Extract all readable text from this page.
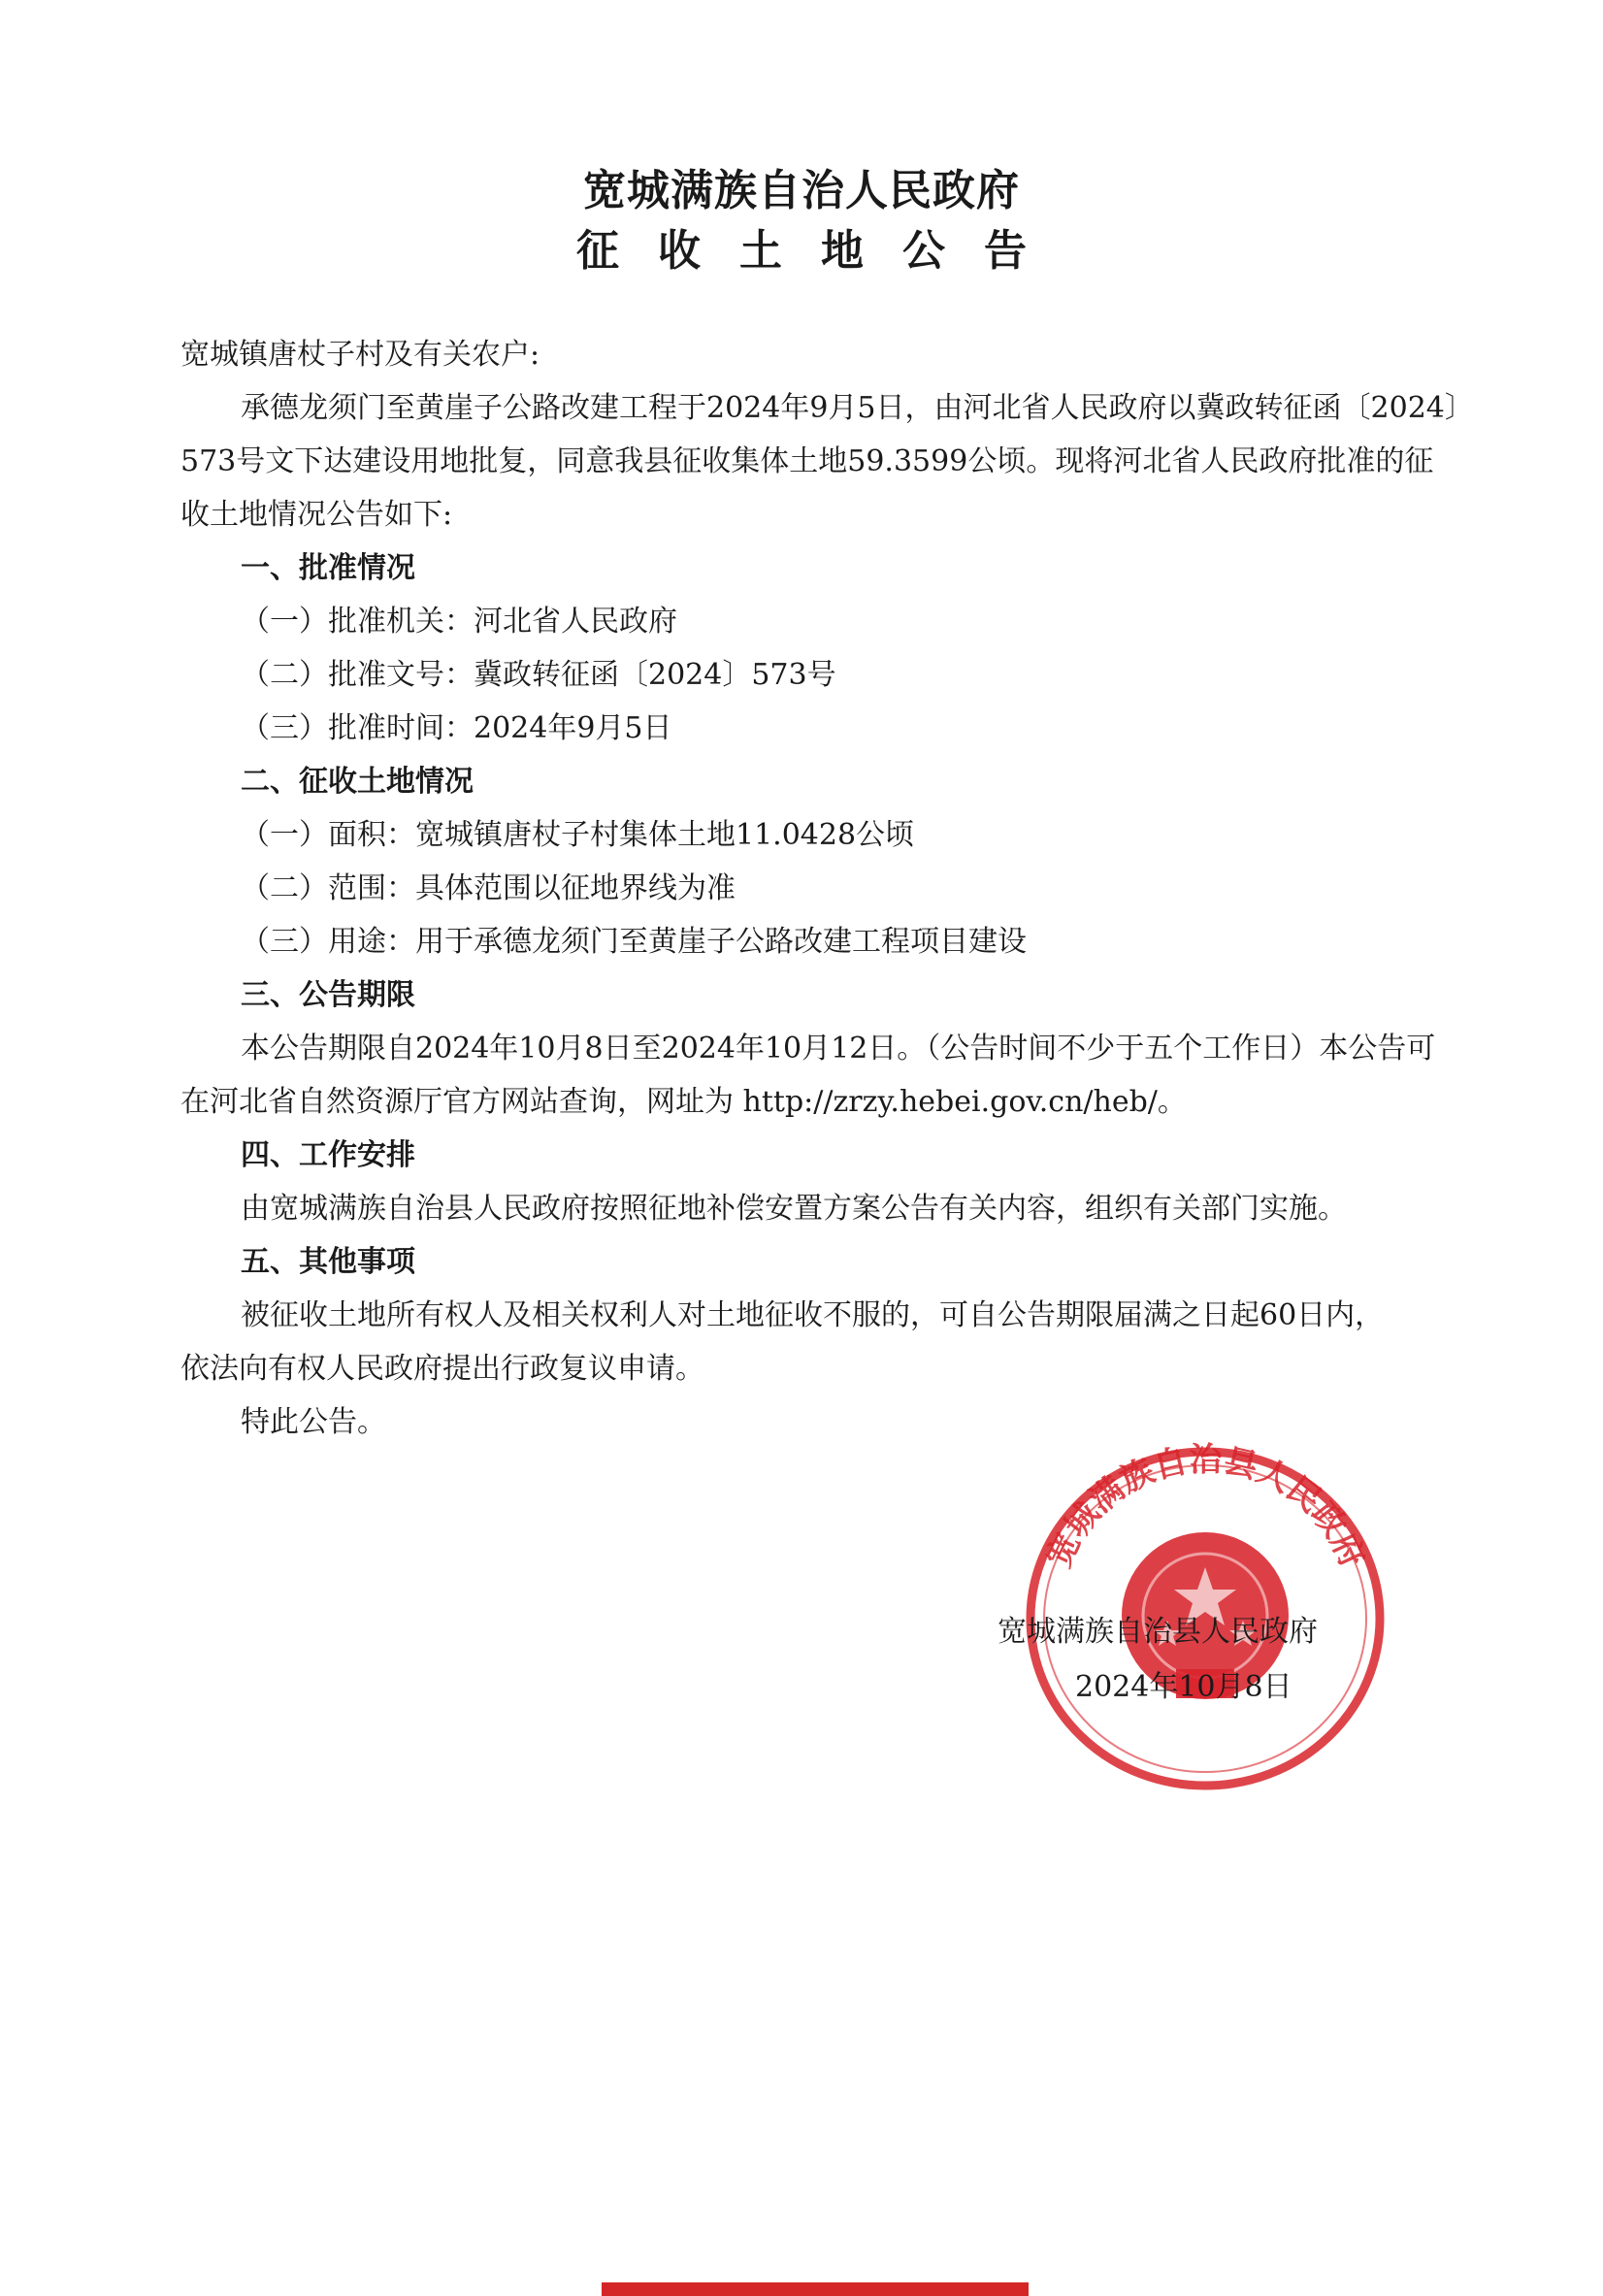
宽城满族自治人民政府
征收土地公告
宽城镇唐杖子村及有关农户:
承德龙须门至黄崖子公路改建工程于2024年9月5日，由河北省人民政府以冀政转征函〔2024〕
573号文下达建设用地批复，同意我县征收集体土地59.3599公顷。现将河北省人民政府批准的征
收土地情况公告如下:
一、批准情况
（一）批准机关：河北省人民政府
（二）批准文号：冀政转征函〔2024〕573号
（三）批准时间：2024年9月5日
二、征收土地情况
（一）面积：宽城镇唐杖子村集体土地11.0428公顷
（二）范围：具体范围以征地界线为准
（三）用途：用于承德龙须门至黄崖子公路改建工程项目建设
三、公告期限
本公告期限自2024年10月8日至2024年10月12日。（公告时间不少于五个工作日）本公告可
在河北省自然资源厅官方网站查询，网址为 http://zrzy.hebei.gov.cn/heb/。
四、工作安排
由宽城满族自治县人民政府按照征地补偿安置方案公告有关内容，组织有关部门实施。
五、其他事项
被征收土地所有权人及相关权利人对土地征收不服的，可自公告期限届满之日起60日内，
依法向有权人民政府提出行政复议申请。
特此公告。
宽城满族自治县人民政府
宽城满族自治县人民政府
2024年10月8日
